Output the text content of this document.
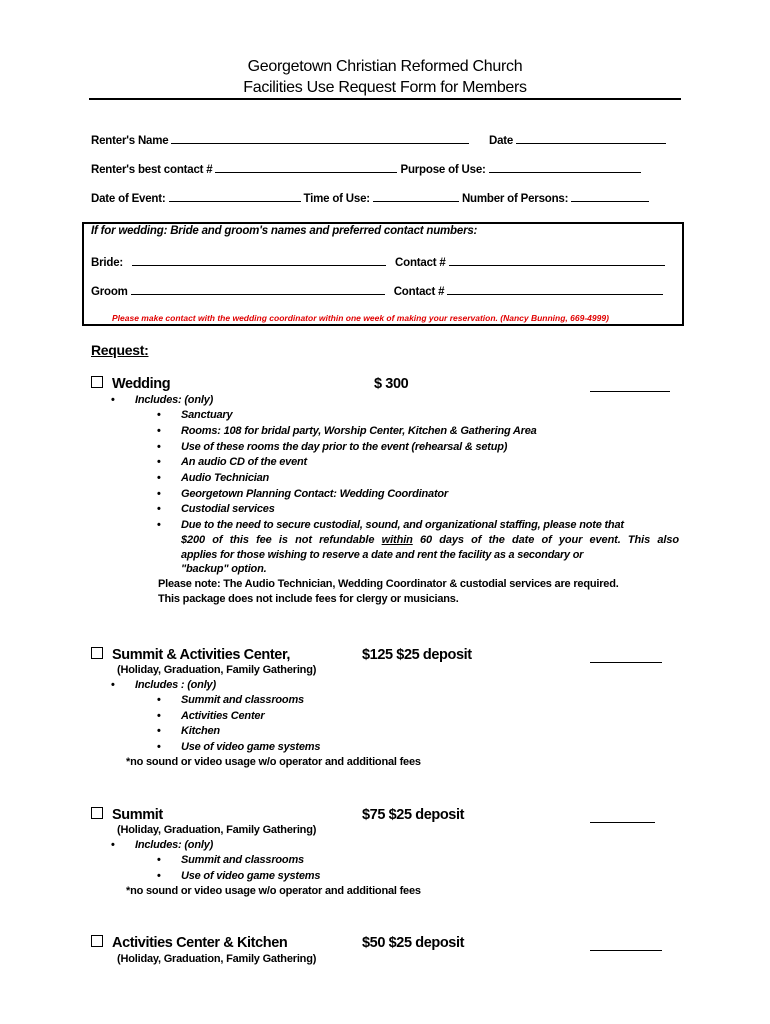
Georgetown Christian Reformed Church
Facilities Use Request Form for Members
Renter's Name	Date
Renter's best contact #	Purpose of Use:
Date of Event:	Time of Use:	Number of Persons:
If for wedding: Bride and groom's names and preferred contact numbers:
Bride:	Contact #
Groom	Contact #
Please make contact with the wedding coordinator within one week of making your reservation. (Nancy Bunning, 669-4999)
Request:
Wedding	$ 300
• Includes: (only)
• Sanctuary
• Rooms: 108 for bridal party, Worship Center, Kitchen & Gathering Area
• Use of these rooms the day prior to the event (rehearsal & setup)
• An audio CD of the event
• Audio Technician
• Georgetown Planning Contact: Wedding Coordinator
• Custodial services
• Due to the need to secure custodial, sound, and organizational staffing, please note that
$200 of this fee is not refundable within 60 days of the date of your event. This also
applies for those wishing to reserve a date and rent the facility as a secondary or
"backup" option.
Please note: The Audio Technician, Wedding Coordinator & custodial services are required.
This package does not include fees for clergy or musicians.
Summit & Activities Center,	$125 $25 deposit
(Holiday, Graduation, Family Gathering)
• Includes : (only)
• Summit and classrooms
• Activities Center
• Kitchen
• Use of video game systems
*no sound or video usage w/o operator and additional fees
Summit	$75 $25 deposit
(Holiday, Graduation, Family Gathering)
• Includes: (only)
• Summit and classrooms
• Use of video game systems
*no sound or video usage w/o operator and additional fees
Activities Center & Kitchen	$50 $25 deposit
(Holiday, Graduation, Family Gathering)
